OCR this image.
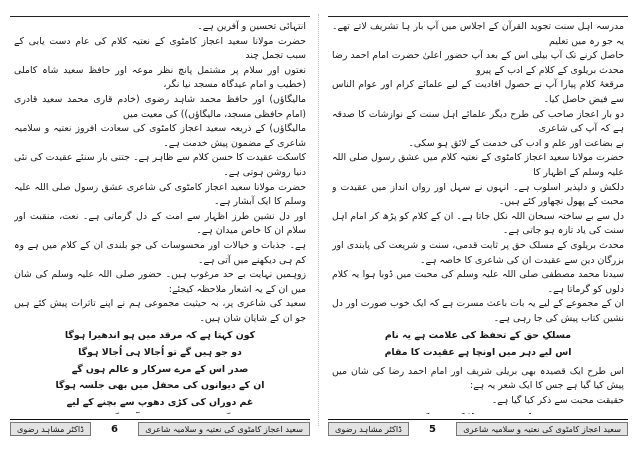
انتہائی تحسین و آفرین ہے۔

حضرت مولانا سعید اعجاز کامٹوی کے نعتیہ کلام کی عام دست یابی کے سبب تجمل چند

نعتوں اور سلام پر مشتمل پانچ نظر موعہ اور حافظ سعید شاہ کاملی (خطیب و امام عیدگاہ مسجد نیا نگر،

مالیگاؤں) اور حافظ محمد شاہد رضوی (خادم قاری محمد سعید قادری (امام حافظی مسجد، مالیگاؤں)) کی معیت میں

مالیگاؤں) کے ذریعہ سعید اعجاز کامٹوی کی سعادت افروز نعتیہ و سلامیہ شاعری کے مضمون پیش خدمت ہے۔

کاسکت عقیدت کا حسن کلام سے ظاہر ہے۔ جتنی بار سنئے عقیدت کی نئی دنیا روشن ہوتی ہے۔

حضرت مولانا سعید اعجاز کامٹوی کی شاعری عشق رسول صلی اللہ علیہ وسلم کا ایک آبشار ہے۔

اور دل نشین طرز اظہار سے امت کے دل گرماتی ہے۔ نعت، منقبت اور سلام ان کا خاص میدان ہے۔

ہے۔ جذبات و خیالات اور محسوسات کی جو بلندی ان کے کلام میں ہے وہ کم ہی دیکھنے میں آتی ہے۔

زوہمیں نہایت بے حد مرغوب ہیں۔ حضور صلی اللہ علیہ وسلم کی شان میں ان کے یہ اشعار ملاحظہ کیجئے:

سعید کی شاعری پر، بہ حیثیت مجموعی ہم نے اپنے تاثرات پیش کئے ہیں جو ان کے شایان شان ہیں۔

کون کہتا ہے کہ مرقد میں ہو اندھیرا ہوگا
دو جو ہیں گے تو اُجالا ہی اُجالا ہوگا
صدر اس کے مرے سرکار و عالم ہوں گے
ان کے دیوانوں کی محفل میں بھی جلسہ ہوگا
غم دوراں کی کڑی دھوپ سے بچنے کے لیے
سعید اعجاز کامٹوی کی نعتیہ و سلامیہ شاعری
6
ڈاکٹر مشاہد رضوی

مدرسہ اہل سنت تجوید القرآن کے اجلاس میں آپ بار ہا تشریف لاتے تھے۔ یہ جو رہ میں تعلیم

حاصل کرنے تک آپ بیلی اس کے بعد آپ حضور اعلیٰ حضرت امام احمد رضا محدث بریلوی کے کلام کے ادب کے پیرو

مرقعۂ کلام پیارا آپ نے حصول افادیت کے لیے علمائے کرام اور عوام الناس سے فیض حاصل کیا۔

دو بار اعجاز صاحب کی طرح دیگر علمائے اہل سنت کے نوازشات کا صدقہ ہے کہ آپ کی شاعری

بے بضاعت اور علم و ادب کی خدمت کے لائق ہو سکی۔

حضرت مولانا سعید اعجاز کامٹوی کے نعتیہ کلام میں عشق رسول صلی اللہ علیہ وسلم کے اظہار کا

دلکش و دلپذیر اسلوب ہے۔ انہوں نے سہل اور رواں انداز میں عقیدت و محبت کے پھول نچھاور کئے ہیں۔

دل سے بے ساختہ سبحان اللہ نکل جاتا ہے۔ ان کے کلام کو پڑھ کر امام اہل سنت کی یاد تازہ ہو جاتی ہے۔

محدث بریلوی کے مسلک حق پر ثابت قدمی، سنت و شریعت کی پابندی اور بزرگان دین سے عقیدت ان کی شاعری کا خاصہ ہے۔

سیدنا محمد مصطفی صلی اللہ علیہ وسلم کی محبت میں ڈوبا ہوا یہ کلام دلوں کو گرماتا ہے۔

ان کے مجموعے کے لیے یہ بات باعث مسرت ہے کہ ایک خوب صورت اور دل نشین کتاب پیش کی جا رہی ہے۔

مسلکِ حق کے تحفظ کی علامت ہے یہ نام
اس لیے دہر میں اونچا ہے عقیدت کا مقام

اس طرح ایک قصیدہ بھی بریلی شریف اور امام احمد رضا کی شان میں پیش کیا گیا ہے جس کا ایک شعر یہ ہے:

حقیقت محبت سے ذکر کیا گیا ہے۔

سعید اعجاز کامٹوی کی نعتیہ و سلامیہ شاعری
5
ڈاکٹر مشاہد رضوی
